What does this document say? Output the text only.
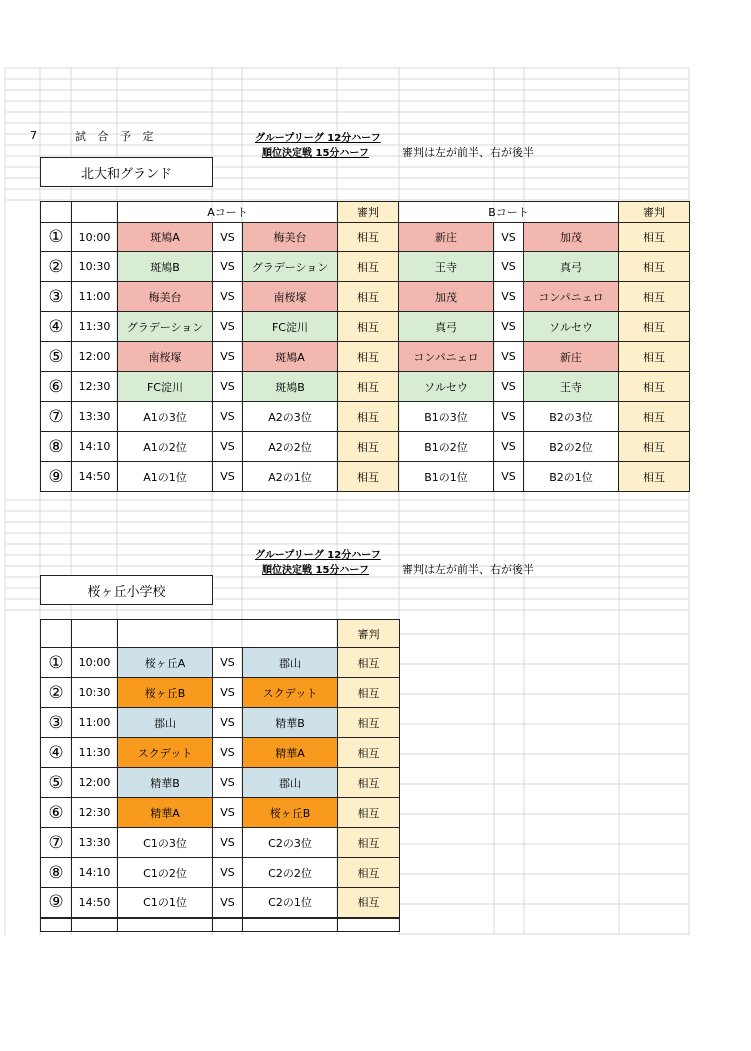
7	試 合 予 定	グループリーグ 12分ハーフ
順位決定戦 15分ハーフ	審判は左が前半、右が後半
北大和グランド
		Aコート			審判	Bコート			審判
①	10:00	斑鳩A	VS	梅美台	相互	新庄	VS	加茂	相互
②	10:30	斑鳩B	VS	グラデーション	相互	王寺	VS	真弓	相互
③	11:00	梅美台	VS	南桜塚	相互	加茂	VS	コンパニェロ	相互
④	11:30	グラデーション	VS	FC淀川	相互	真弓	VS	ソルセウ	相互
⑤	12:00	南桜塚	VS	斑鳩A	相互	コンパニェロ	VS	新庄	相互
⑥	12:30	FC淀川	VS	斑鳩B	相互	ソルセウ	VS	王寺	相互
⑦	13:30	A1の3位	VS	A2の3位	相互	B1の3位	VS	B2の3位	相互
⑧	14:10	A1の2位	VS	A2の2位	相互	B1の2位	VS	B2の2位	相互
⑨	14:50	A1の1位	VS	A2の1位	相互	B1の1位	VS	B2の1位	相互
グループリーグ 12分ハーフ
順位決定戦 15分ハーフ	審判は左が前半、右が後半
桜ヶ丘小学校
					審判
①	10:00	桜ヶ丘A	VS	郡山	相互
②	10:30	桜ヶ丘B	VS	スクデット	相互
③	11:00	郡山	VS	精華B	相互
④	11:30	スクデット	VS	精華A	相互
⑤	12:00	精華B	VS	郡山	相互
⑥	12:30	精華A	VS	桜ヶ丘B	相互
⑦	13:30	C1の3位	VS	C2の3位	相互
⑧	14:10	C1の2位	VS	C2の2位	相互
⑨	14:50	C1の1位	VS	C2の1位	相互
